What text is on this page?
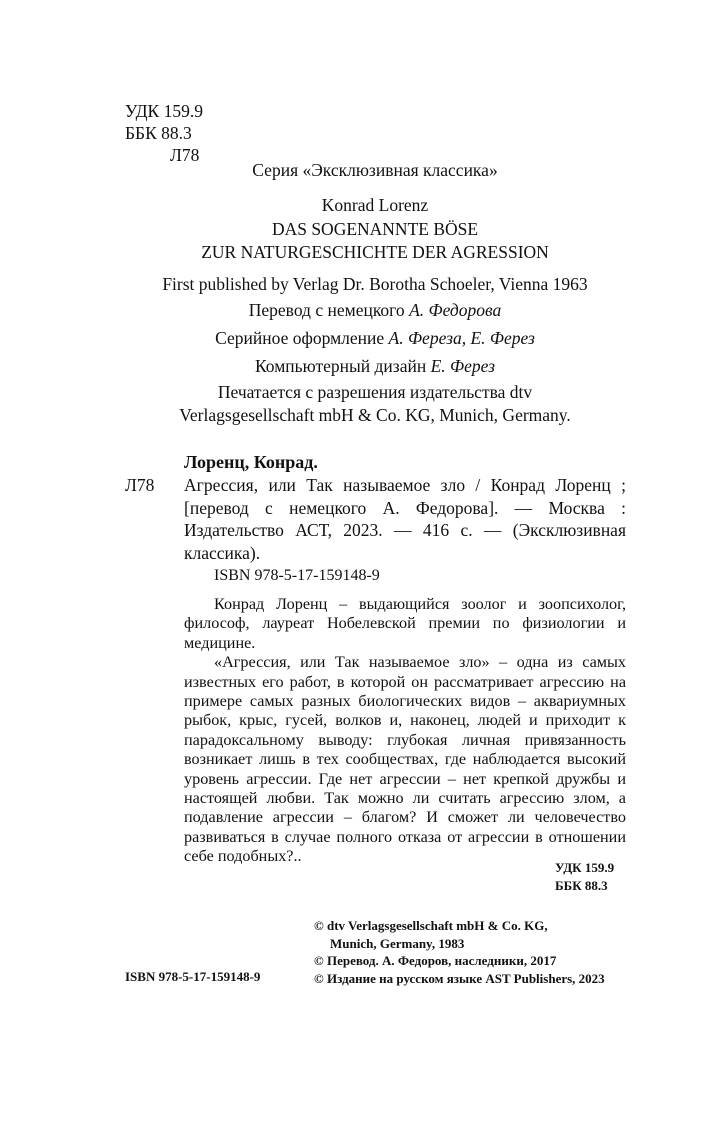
УДК 159.9
ББК 88.3
Л78
Серия «Эксклюзивная классика»
Konrad Lorenz
DAS SOGENANNTE BÖSE
ZUR NATURGESCHICHTE DER AGRESSION
First published by Verlag Dr. Borotha Schoeler, Vienna 1963
Перевод с немецкого А. Федорова
Серийное оформление А. Фереза, Е. Ферез
Компьютерный дизайн Е. Ферез
Печатается с разрешения издательства dtv
Verlagsgesellschaft mbH & Co. KG, Munich, Germany.
Лоренц, Конрад.
Л78 Агрессия, или Так называемое зло / Конрад Лоренц ; [перевод с немецкого А. Федорова]. — Москва : Издательство АСТ, 2023. — 416 с. — (Эксклюзивная классика).
ISBN 978-5-17-159148-9

Конрад Лоренц – выдающийся зоолог и зоопсихолог, философ, лауреат Нобелевской премии по физиологии и медицине.

«Агрессия, или Так называемое зло» – одна из самых известных его работ, в которой он рассматривает агрессию на примере самых разных биологических видов – аквариумных рыбок, крыс, гусей, волков и, наконец, людей и приходит к парадоксальному выводу: глубокая личная привязанность возникает лишь в тех сообществах, где наблюдается высокий уровень агрессии. Где нет агрессии – нет крепкой дружбы и настоящей любви. Так можно ли считать агрессию злом, а подавление агрессии – благом? И сможет ли человечество развиваться в случае полного отказа от агрессии в отношении себе подобных?..

УДК 159.9
ББК 88.3
ISBN 978-5-17-159148-9
© dtv Verlagsgesellschaft mbH & Co. KG,
Munich, Germany, 1983
© Перевод. А. Федоров, наследники, 2017
© Издание на русском языке AST Publishers, 2023
